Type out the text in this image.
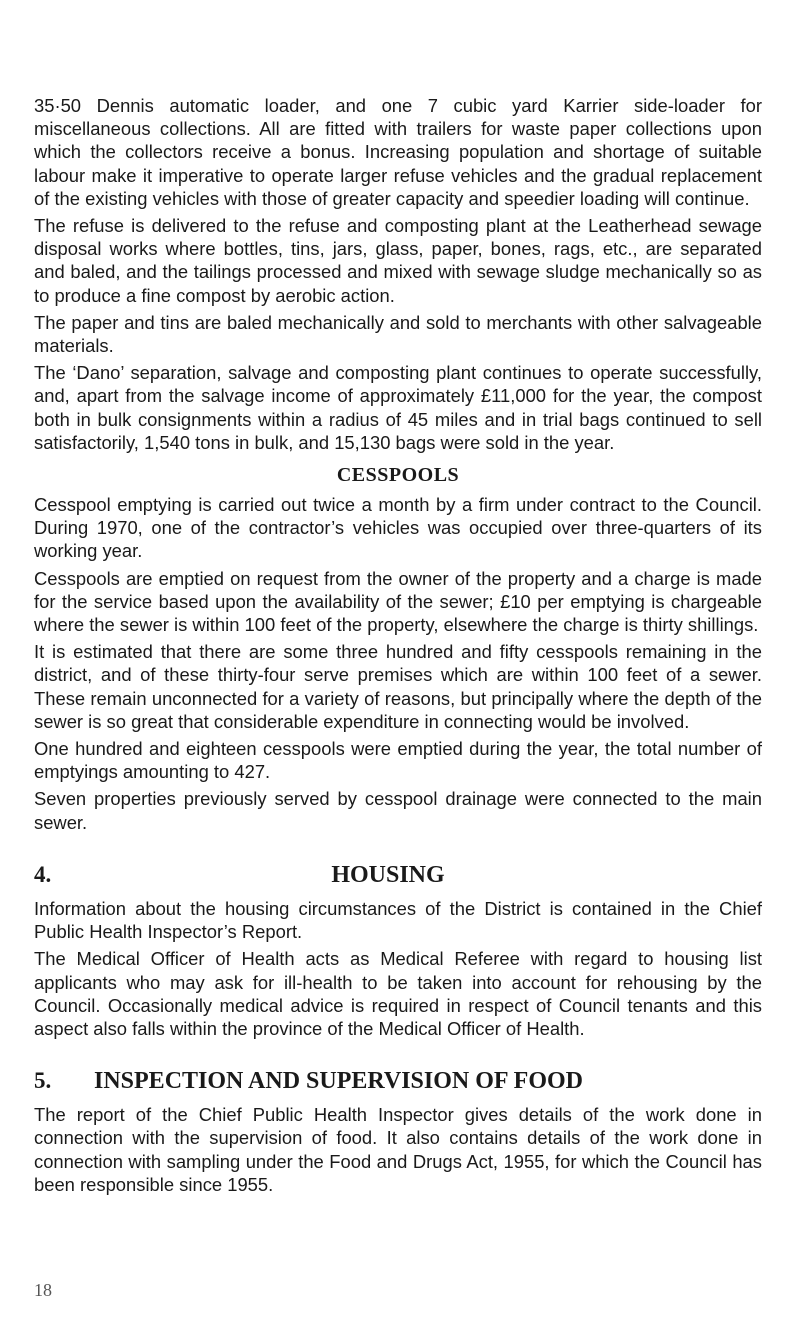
35·50 Dennis automatic loader, and one 7 cubic yard Karrier side-loader for miscellaneous collections. All are fitted with trailers for waste paper collections upon which the collectors receive a bonus. Increasing population and shortage of suitable labour make it imperative to operate larger refuse vehicles and the gradual replacement of the existing vehicles with those of greater capacity and speedier loading will continue.

The refuse is delivered to the refuse and composting plant at the Leatherhead sewage disposal works where bottles, tins, jars, glass, paper, bones, rags, etc., are separated and baled, and the tailings processed and mixed with sewage sludge mechanically so as to produce a fine compost by aerobic action.

The paper and tins are baled mechanically and sold to merchants with other salvageable materials.

The ‘Dano’ separation, salvage and composting plant continues to operate successfully, and, apart from the salvage income of approximately £11,000 for the year, the compost both in bulk consignments within a radius of 45 miles and in trial bags continued to sell satisfactorily, 1,540 tons in bulk, and 15,130 bags were sold in the year.

CESSPOOLS

Cesspool emptying is carried out twice a month by a firm under contract to the Council. During 1970, one of the contractor’s vehicles was occupied over three-quarters of its working year.

Cesspools are emptied on request from the owner of the property and a charge is made for the service based upon the availability of the sewer; £10 per emptying is chargeable where the sewer is within 100 feet of the property, elsewhere the charge is thirty shillings.

It is estimated that there are some three hundred and fifty cesspools remaining in the district, and of these thirty-four serve premises which are within 100 feet of a sewer. These remain unconnected for a variety of reasons, but principally where the depth of the sewer is so great that considerable expenditure in connecting would be involved.

One hundred and eighteen cesspools were emptied during the year, the total number of emptyings amounting to 427.

Seven properties previously served by cesspool drainage were connected to the main sewer.

4.	HOUSING

Information about the housing circumstances of the District is contained in the Chief Public Health Inspector’s Report.

The Medical Officer of Health acts as Medical Referee with regard to housing list applicants who may ask for ill-health to be taken into account for rehousing by the Council. Occasionally medical advice is required in respect of Council tenants and this aspect also falls within the province of the Medical Officer of Health.

5.	INSPECTION AND SUPERVISION OF FOOD

The report of the Chief Public Health Inspector gives details of the work done in connection with the supervision of food. It also contains details of the work done in connection with sampling under the Food and Drugs Act, 1955, for which the Council has been responsible since 1955.

18
